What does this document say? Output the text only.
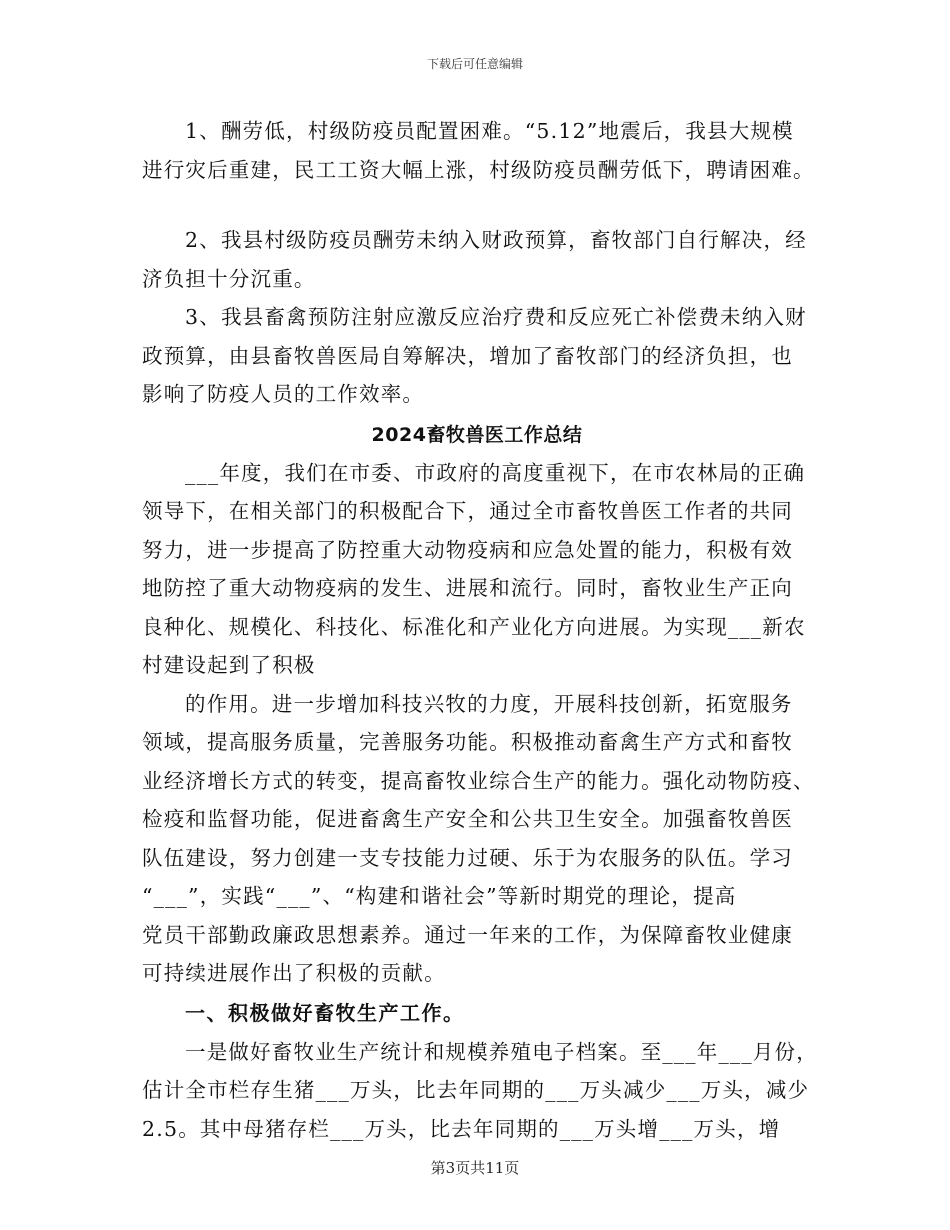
下载后可任意编辑

1、酬劳低，村级防疫员配置困难。“5.12”地震后，我县大规模
进行灾后重建，民工工资大幅上涨，村级防疫员酬劳低下，聘请困难。

2、我县村级防疫员酬劳未纳入财政预算，畜牧部门自行解决，经
济负担十分沉重。

3、我县畜禽预防注射应激反应治疗费和反应死亡补偿费未纳入财
政预算，由县畜牧兽医局自筹解决，增加了畜牧部门的经济负担，也
影响了防疫人员的工作效率。

2024畜牧兽医工作总结

___年度，我们在市委、市政府的高度重视下，在市农林局的正确
领导下，在相关部门的积极配合下，通过全市畜牧兽医工作者的共同
努力，进一步提高了防控重大动物疫病和应急处置的能力，积极有效
地防控了重大动物疫病的发生、进展和流行。同时，畜牧业生产正向
良种化、规模化、科技化、标准化和产业化方向进展。为实现___新农
村建设起到了积极

的作用。进一步增加科技兴牧的力度，开展科技创新，拓宽服务
领域，提高服务质量，完善服务功能。积极推动畜禽生产方式和畜牧
业经济增长方式的转变，提高畜牧业综合生产的能力。强化动物防疫、
检疫和监督功能，促进畜禽生产安全和公共卫生安全。加强畜牧兽医
队伍建设，努力创建一支专技能力过硬、乐于为农服务的队伍。学习
“___”，实践“___”、“构建和谐社会”等新时期党的理论，提高
党员干部勤政廉政思想素养。通过一年来的工作，为保障畜牧业健康
可持续进展作出了积极的贡献。

一、积极做好畜牧生产工作。

一是做好畜牧业生产统计和规模养殖电子档案。至___年___月份，
估计全市栏存生猪___万头，比去年同期的___万头减少___万头，减少
2.5。其中母猪存栏___万头，比去年同期的___万头增___万头，增

第3页共11页
